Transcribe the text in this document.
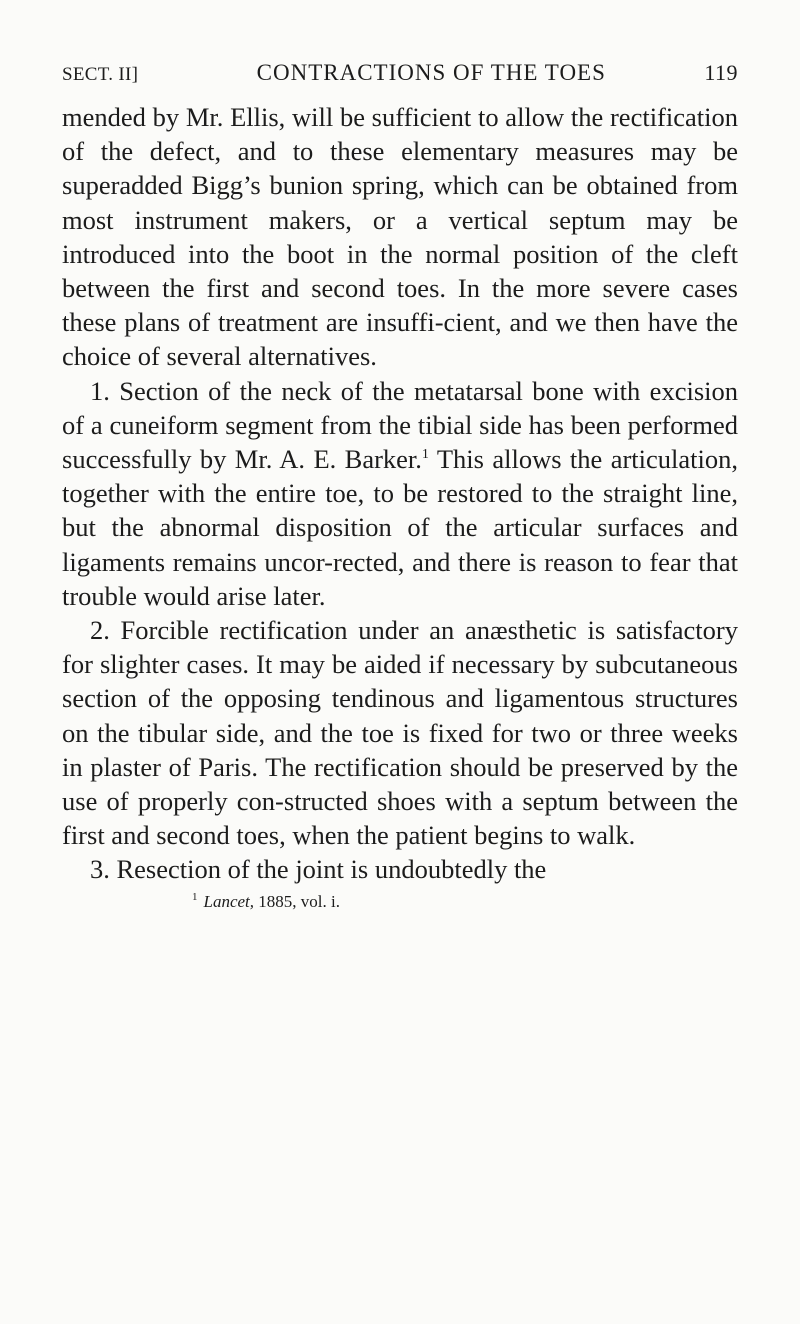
SECT. II]	CONTRACTIONS OF THE TOES	119

mended by Mr. Ellis, will be sufficient to allow the rectification of the defect, and to these elementary measures may be superadded Bigg’s bunion spring, which can be obtained from most instrument makers, or a vertical septum may be introduced into the boot in the normal position of the cleft between the first and second toes. In the more severe cases these plans of treatment are insuffi-cient, and we then have the choice of several alternatives.

1. Section of the neck of the metatarsal bone with excision of a cuneiform segment from the tibial side has been performed successfully by Mr. A. E. Barker.$^1$ This allows the articulation, together with the entire toe, to be restored to the straight line, but the abnormal disposition of the articular surfaces and ligaments remains uncor-rected, and there is reason to fear that trouble would arise later.

2. Forcible rectification under an anæsthetic is satisfactory for slighter cases. It may be aided if necessary by subcutaneous section of the opposing tendinous and ligamentous structures on the tibular side, and the toe is fixed for two or three weeks in plaster of Paris. The rectification should be preserved by the use of properly con-structed shoes with a septum between the first and second toes, when the patient begins to walk.

3. Resection of the joint is undoubtedly the

$^1$ Lancet, 1885, vol. i.
